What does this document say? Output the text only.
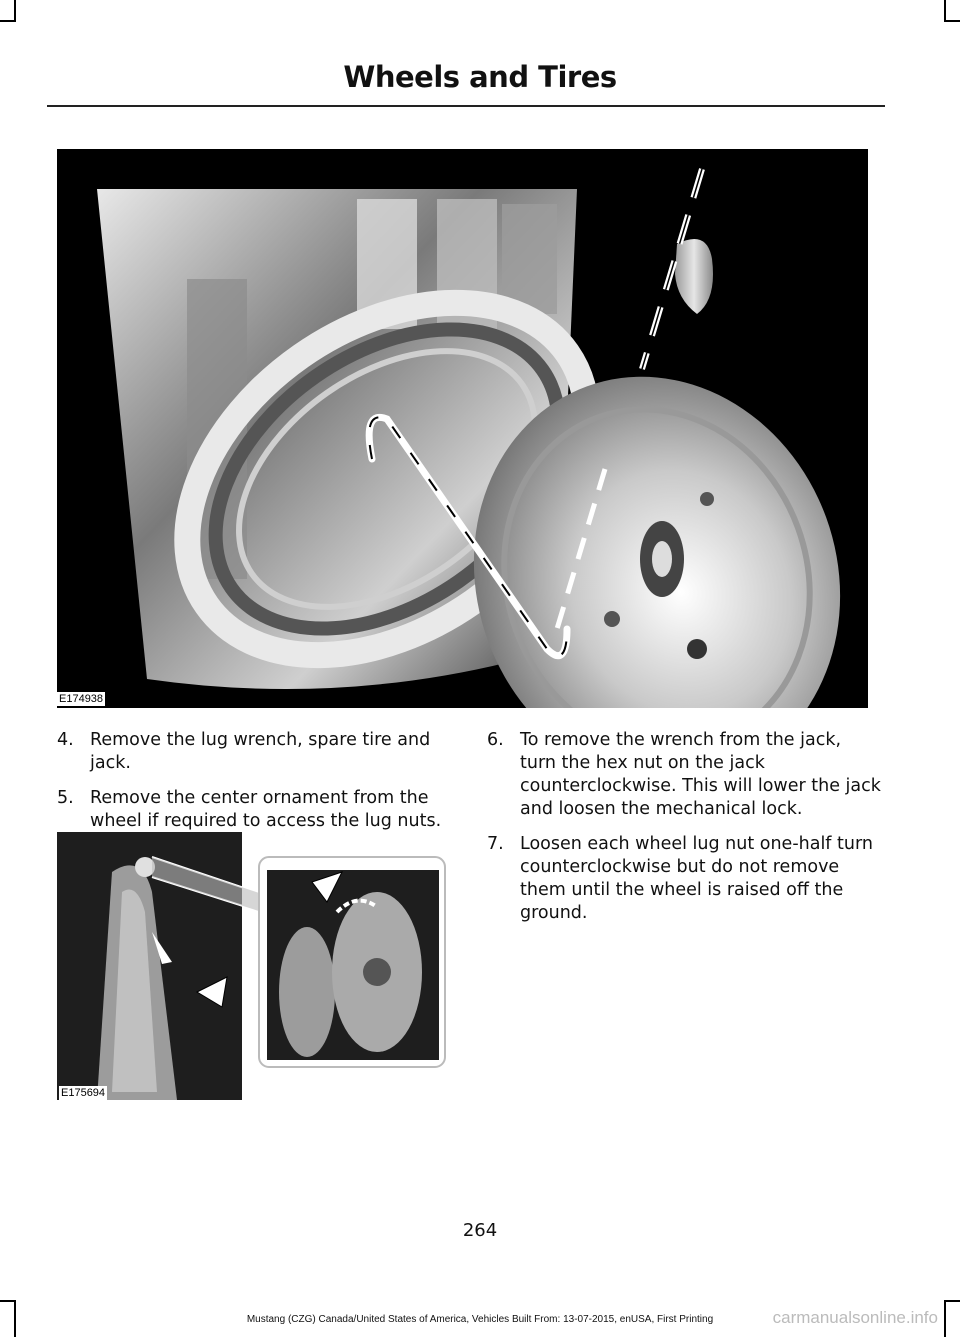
Wheels and Tires
E174938
4. Remove the lug wrench, spare tire and jack.
5. Remove the center ornament from the wheel if required to access the lug nuts.
6. To remove the wrench from the jack, turn the hex nut on the jack counterclockwise. This will lower the jack and loosen the mechanical lock.
7. Loosen each wheel lug nut one-half turn counterclockwise but do not remove them until the wheel is raised off the ground.
E175694
264
Mustang (CZG) Canada/United States of America, Vehicles Built From: 13-07-2015, enUSA, First Printing	carmanualsonline.info
